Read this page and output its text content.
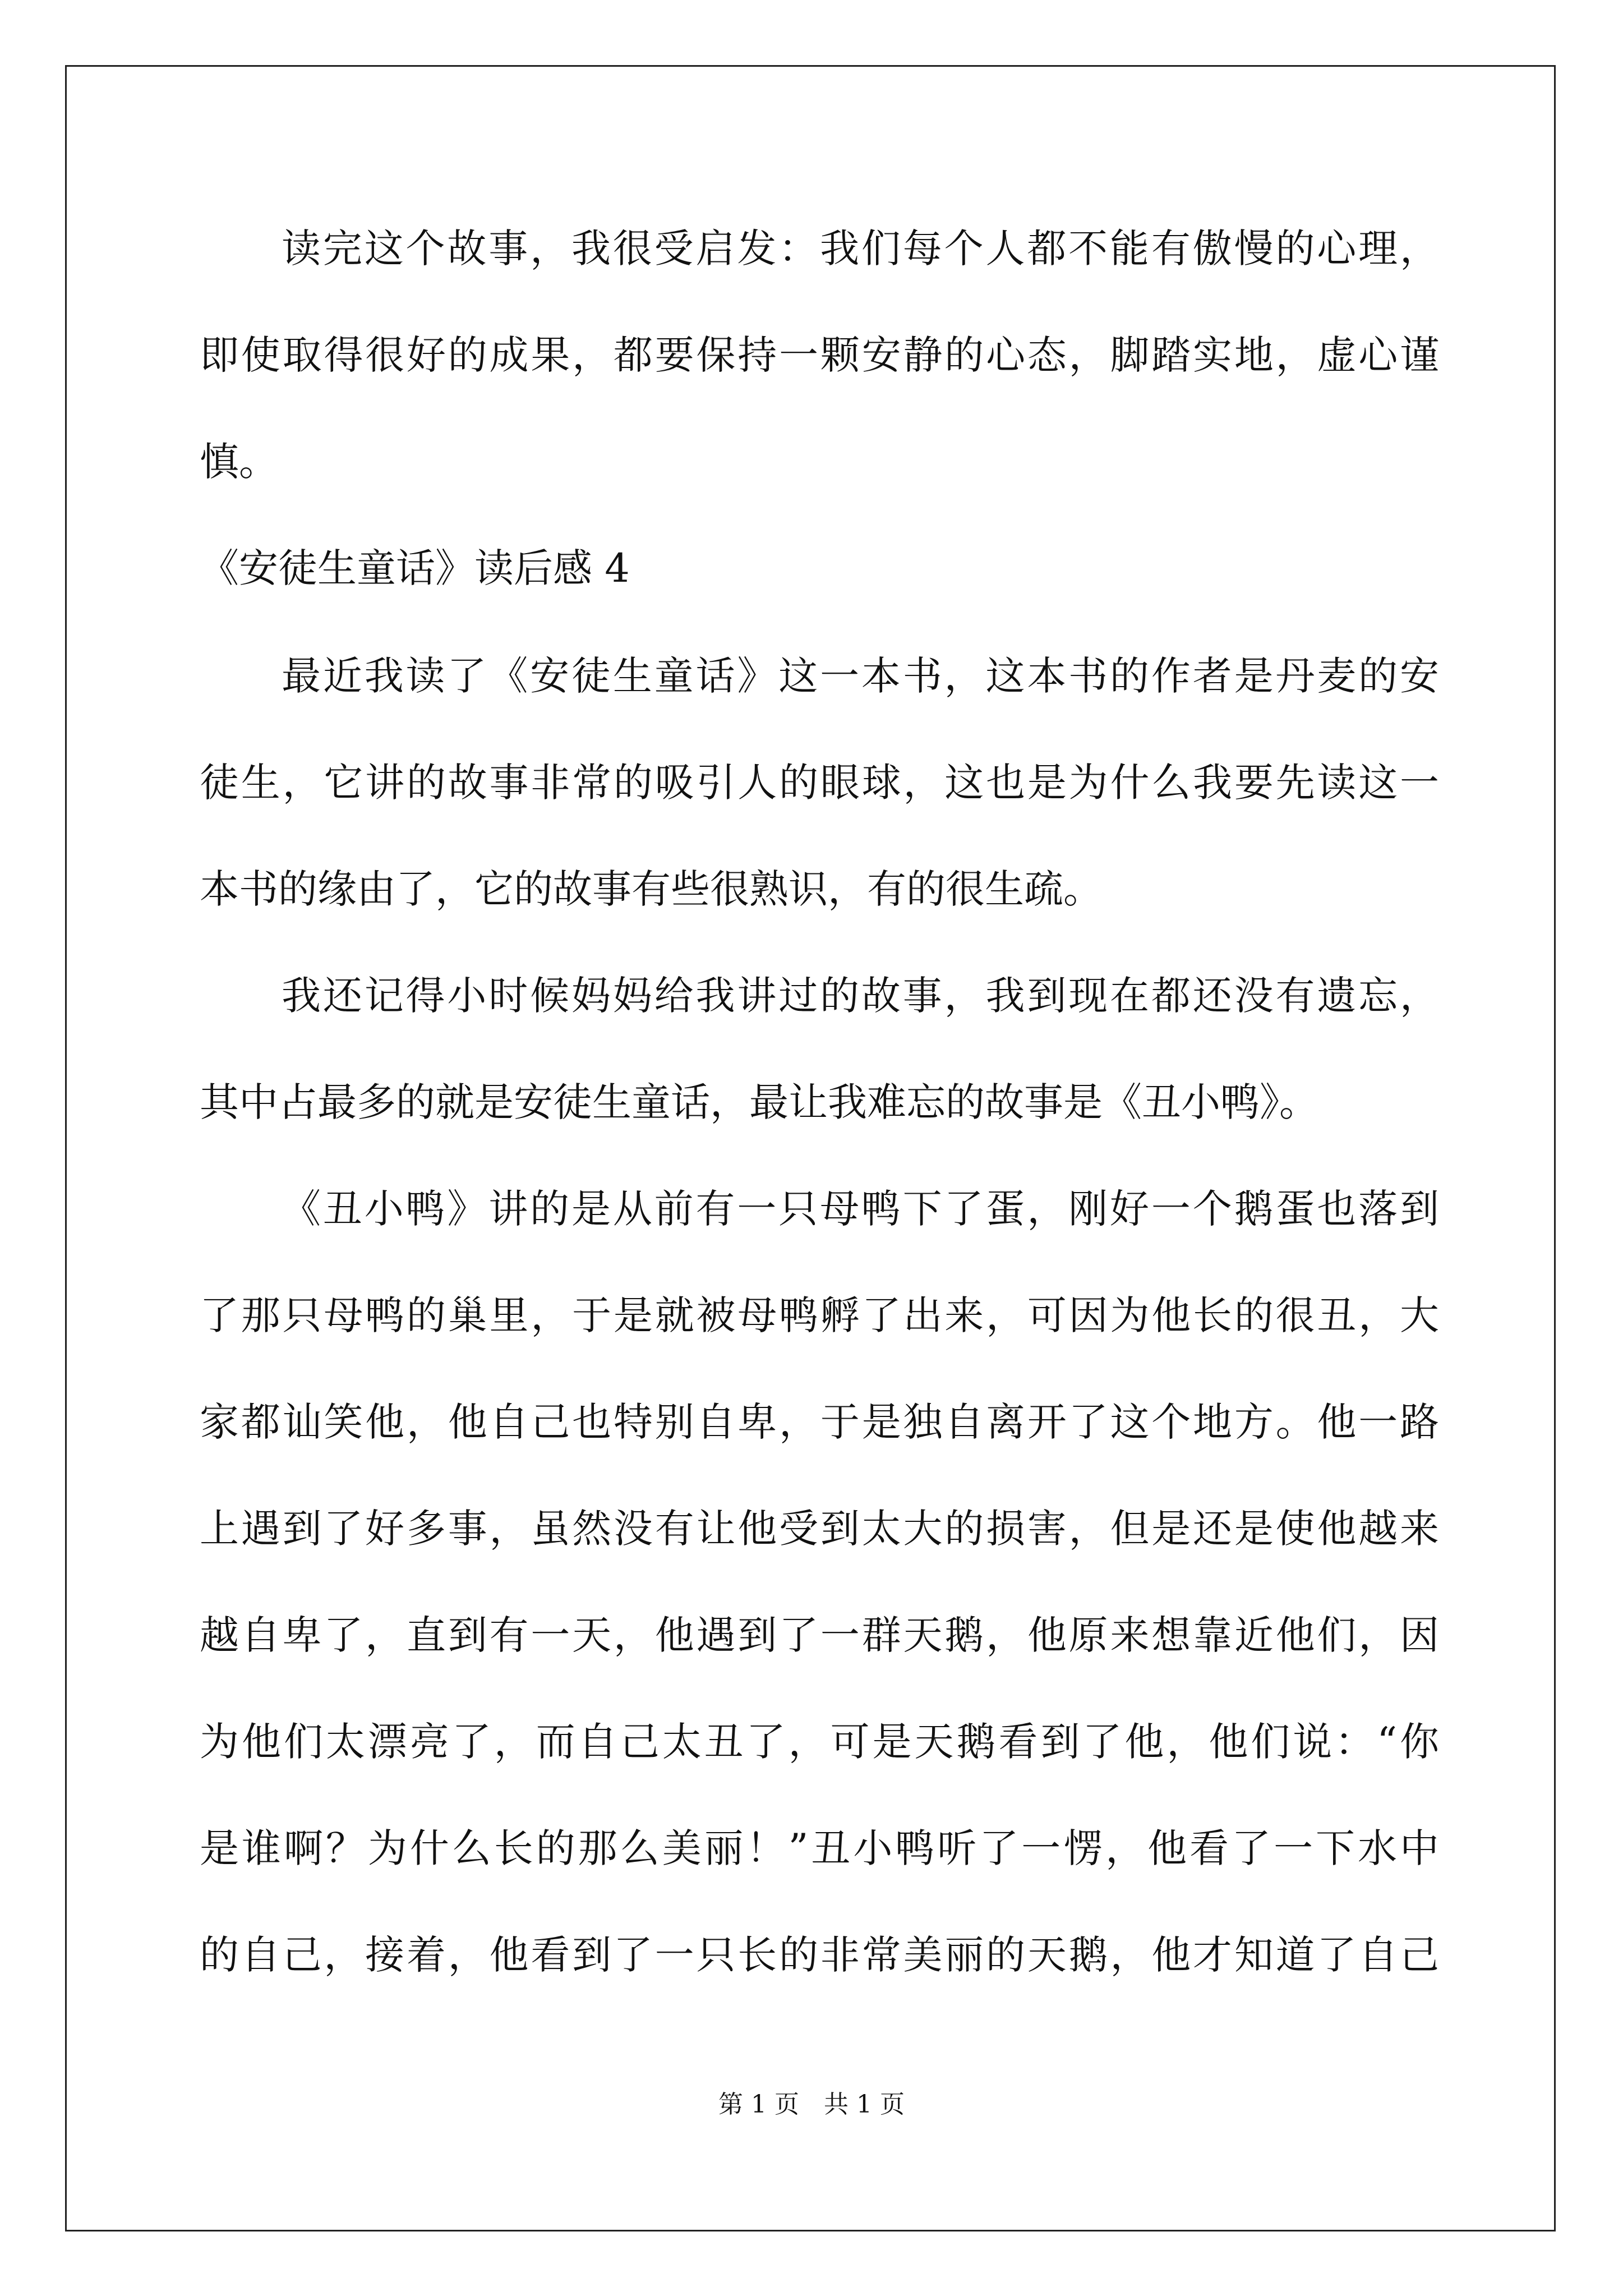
读完这个故事，我很受启发：我们每个人都不能有傲慢的心理，
即使取得很好的成果，都要保持一颗安静的心态，脚踏实地，虚心谨
慎。
《安徒生童话》读后感 4
最近我读了《安徒生童话》这一本书，这本书的作者是丹麦的安
徒生，它讲的故事非常的吸引人的眼球，这也是为什么我要先读这一
本书的缘由了，它的故事有些很熟识，有的很生疏。
我还记得小时候妈妈给我讲过的故事，我到现在都还没有遗忘，
其中占最多的就是安徒生童话，最让我难忘的故事是《丑小鸭》。
《丑小鸭》讲的是从前有一只母鸭下了蛋，刚好一个鹅蛋也落到
了那只母鸭的巢里，于是就被母鸭孵了出来，可因为他长的很丑，大
家都讪笑他，他自己也特别自卑，于是独自离开了这个地方。他一路
上遇到了好多事，虽然没有让他受到太大的损害，但是还是使他越来
越自卑了，直到有一天，他遇到了一群天鹅，他原来想靠近他们，因
为他们太漂亮了，而自己太丑了，可是天鹅看到了他，他们说：“你
是谁啊？为什么长的那么美丽！”丑小鸭听了一愣，他看了一下水中
的自己，接着，他看到了一只长的非常美丽的天鹅，他才知道了自己
第 1 页　共 1 页
